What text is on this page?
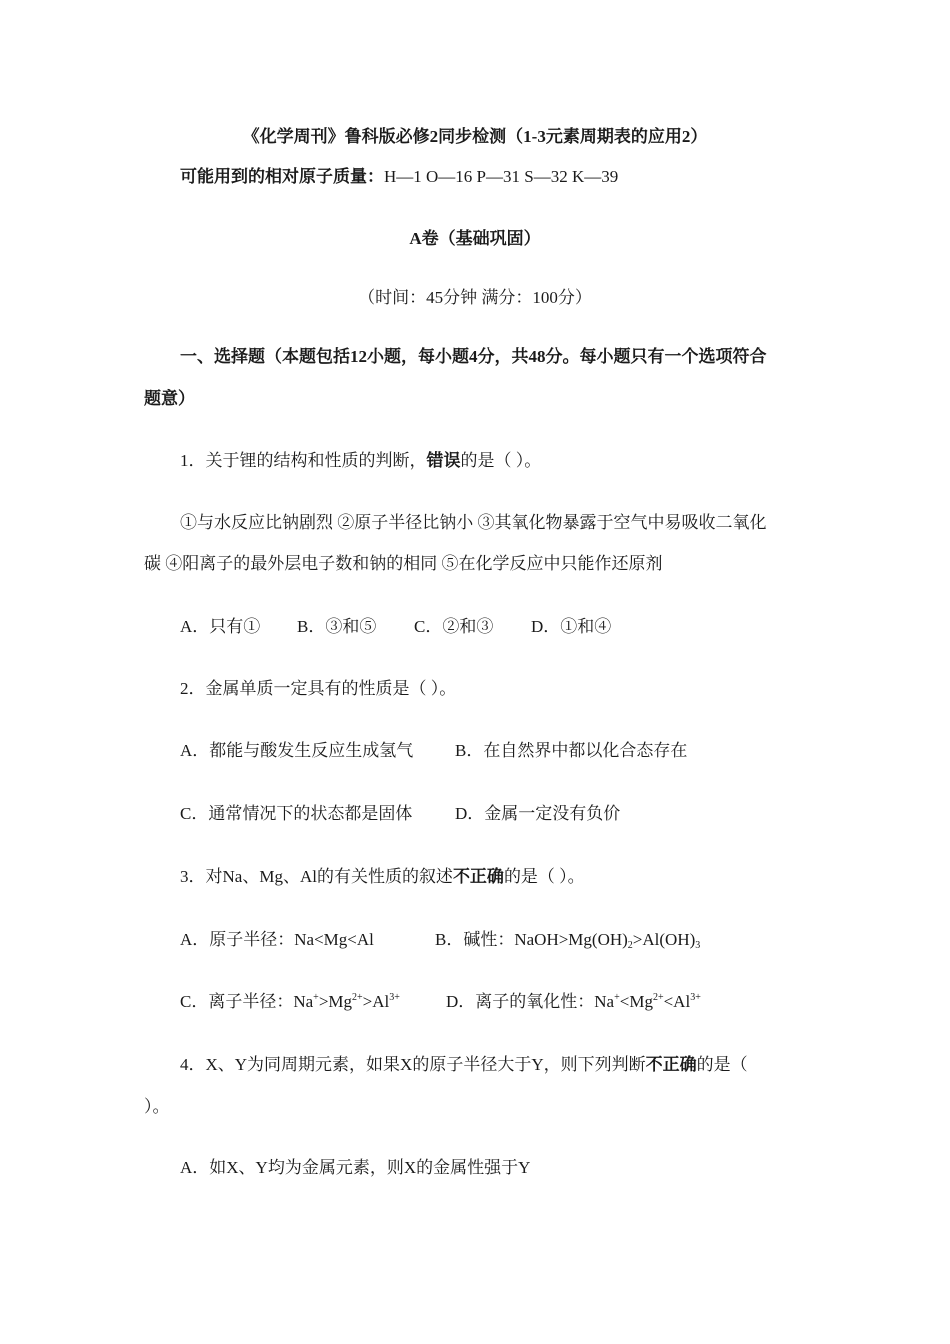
《化学周刊》鲁科版必修2同步检测（1-3元素周期表的应用2）
可能用到的相对原子质量：H—1 O—16 P—31 S—32 K—39
A卷（基础巩固）
（时间：45分钟 满分：100分）
一、选择题（本题包括12小题，每小题4分，共48分。每小题只有一个选项符合
题意）
1．关于锂的结构和性质的判断，错误的是（ ）。
①与水反应比钠剧烈 ②原子半径比钠小 ③其氧化物暴露于空气中易吸收二氧化
碳 ④阳离子的最外层电子数和钠的相同 ⑤在化学反应中只能作还原剂
A．只有① B．③和⑤ C．②和③ D．①和④
2．金属单质一定具有的性质是（ ）。
A．都能与酸发生反应生成氢气 B．在自然界中都以化合态存在
C．通常情况下的状态都是固体	D．金属一定没有负价
3．对Na、Mg、Al的有关性质的叙述不正确的是（ ）。
A．原子半径：Na<Mg<Al	B．碱性：$NaOH>Mg(OH)_2>Al(OH)_3$
C．离子半径：$Na^+>Mg^{2+}>Al^{3+}$	D．离子的氧化性：$Na^+<Mg^{2+}<Al^{3+}$
4．X、Y为同周期元素，如果X的原子半径大于Y，则下列判断不正确的是（
）。
A．如X、Y均为金属元素，则X的金属性强于Y
